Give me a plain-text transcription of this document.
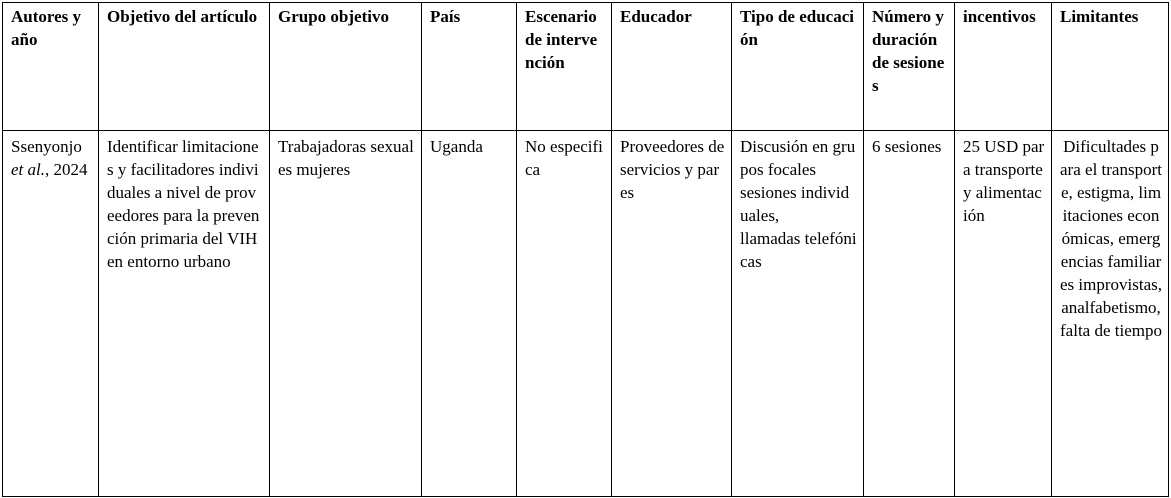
Autores y año	Objetivo del artículo	Grupo objetivo	País	Escenario de intervención	Educador	Tipo de educación	Número y duración de sesiones	incentivos	Limitantes
Ssenyonjo et al., 2024	Identificar limitaciones y facilitadores individuales a nivel de proveedores para la prevención primaria del VIH en entorno urbano	Trabajadoras sexuales mujeres	Uganda	No especifica	Proveedores de servicios y pares	Discusión en grupos focales
sesiones individuales,
llamadas telefónicas	6 sesiones	25 USD para transporte y alimentación	Dificultades para el transporte, estigma, limitaciones económicas, emergencias familiares improvistas, analfabetismo, falta de tiempo
